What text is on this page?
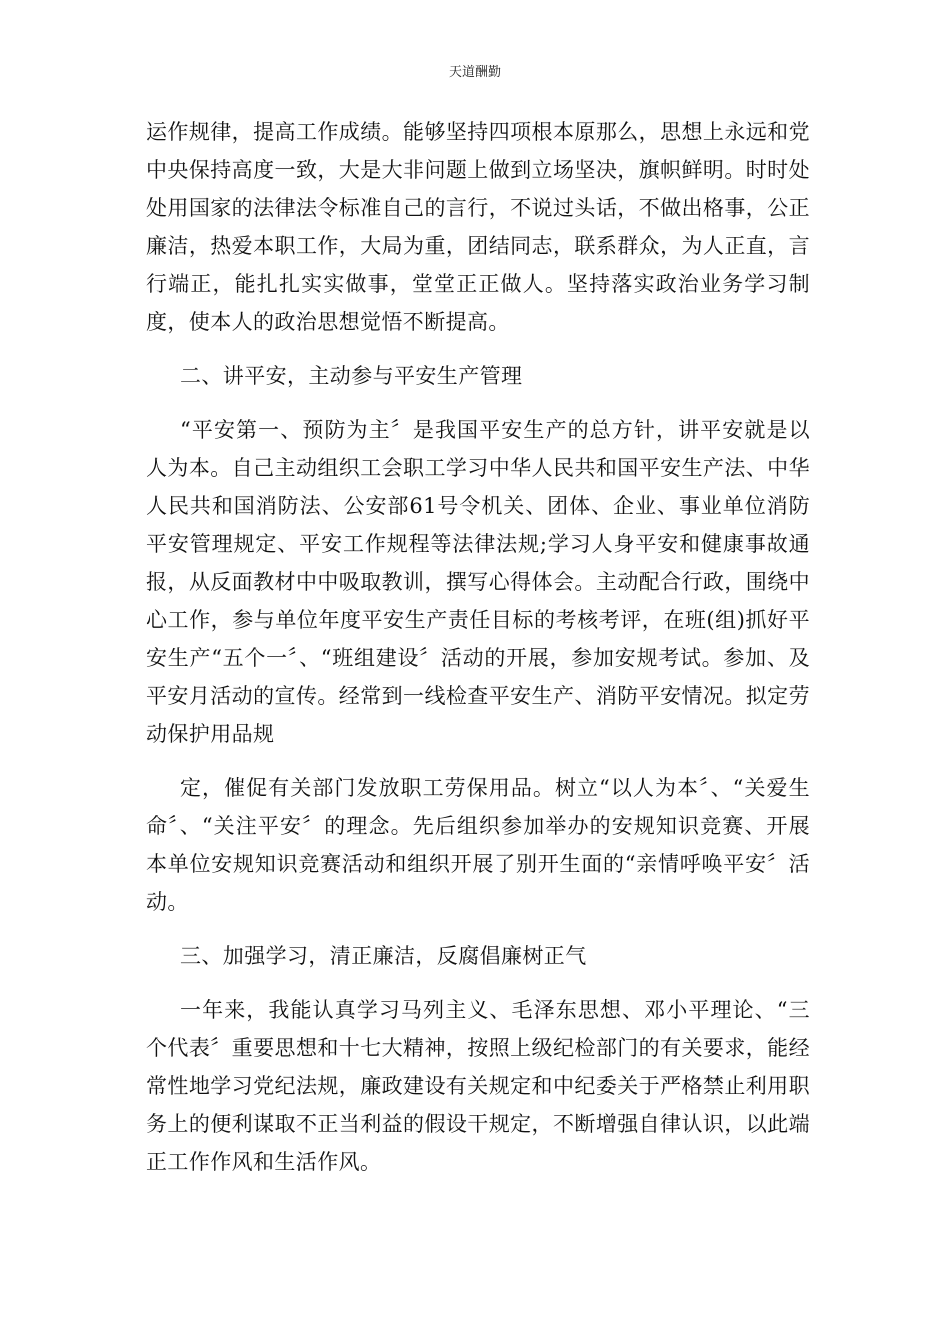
天道酬勤

运作规律，提高工作成绩。能够坚持四项根本原那么，思想上永远和党中央保持高度一致，大是大非问题上做到立场坚决，旗帜鲜明。时时处处用国家的法律法令标准自己的言行，不说过头话，不做出格事，公正廉洁，热爱本职工作，大局为重，团结同志，联系群众，为人正直，言行端正，能扎扎实实做事，堂堂正正做人。坚持落实政治业务学习制度，使本人的政治思想觉悟不断提高。

二、讲平安，主动参与平安生产管理

“平安第一、预防为主〞是我国平安生产的总方针，讲平安就是以人为本。自己主动组织工会职工学习中华人民共和国平安生产法、中华人民共和国消防法、公安部61号令机关、团体、企业、事业单位消防平安管理规定、平安工作规程等法律法规;学习人身平安和健康事故通报，从反面教材中中吸取教训，撰写心得体会。主动配合行政，围绕中心工作，参与单位年度平安生产责任目标的考核考评，在班(组)抓好平安生产“五个一〞、“班组建设〞活动的开展，参加安规考试。参加、及平安月活动的宣传。经常到一线检查平安生产、消防平安情况。拟定劳动保护用品规

定，催促有关部门发放职工劳保用品。树立“以人为本〞、“关爱生命〞、“关注平安〞的理念。先后组织参加举办的安规知识竞赛、开展本单位安规知识竞赛活动和组织开展了别开生面的“亲情呼唤平安〞活动。

三、加强学习，清正廉洁，反腐倡廉树正气

一年来，我能认真学习马列主义、毛泽东思想、邓小平理论、“三个代表〞重要思想和十七大精神，按照上级纪检部门的有关要求，能经常性地学习党纪法规，廉政建设有关规定和中纪委关于严格禁止利用职务上的便利谋取不正当利益的假设干规定，不断增强自律认识，以此端正工作作风和生活作风。
